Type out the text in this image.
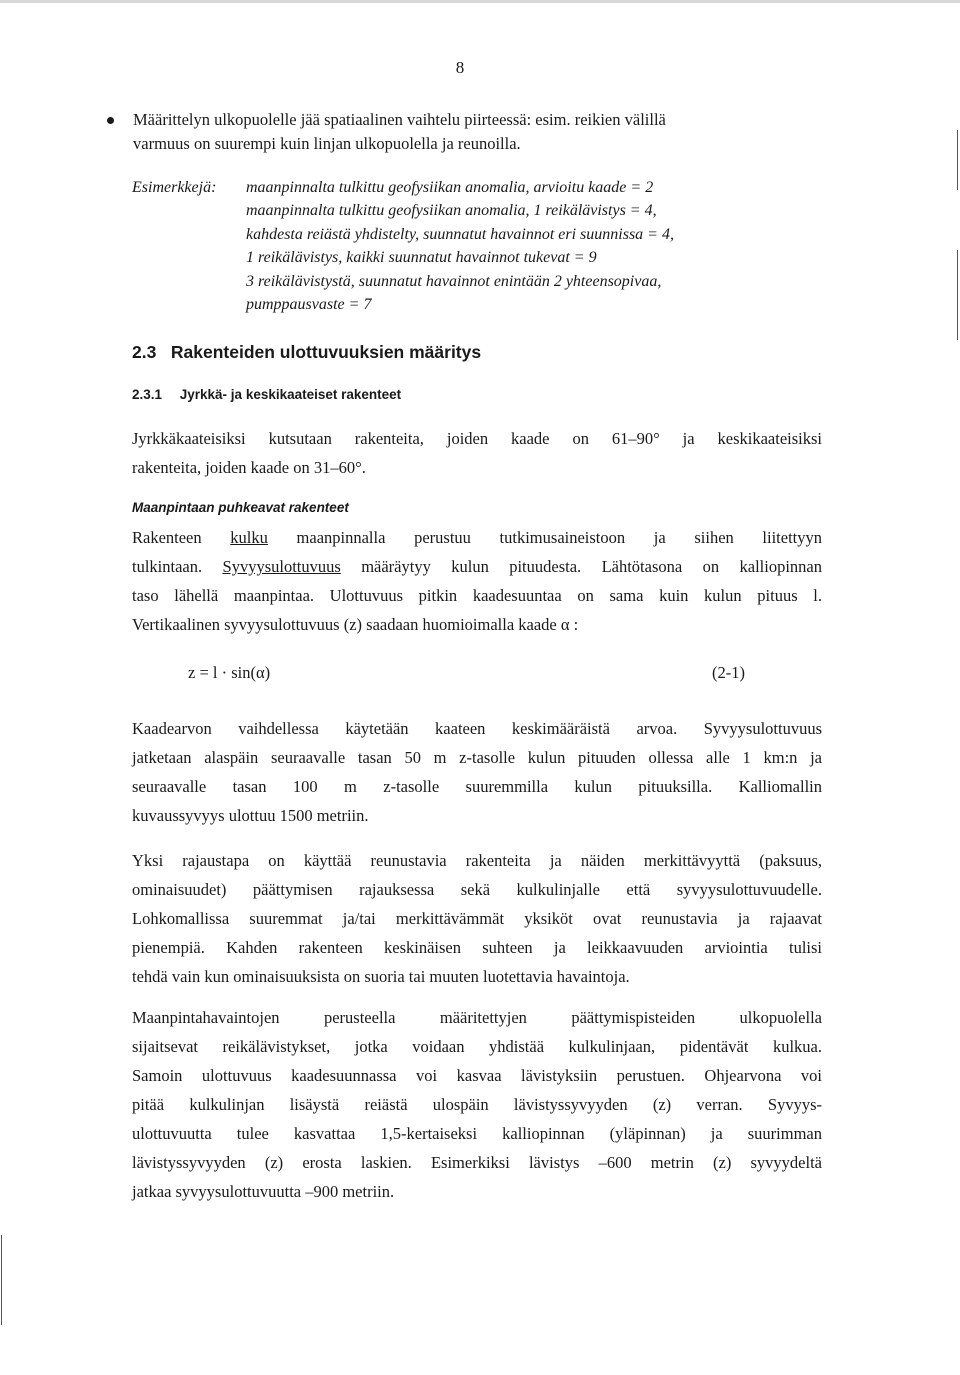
8
Määrittelyn ulkopuolelle jää spatiaalinen vaihtelu piirteessä: esim. reikien välillä
varmuus on suurempi kuin linjan ulkopuolella ja reunoilla.
Esimerkkejä: maanpinnalta tulkittu geofysiikan anomalia, arvioitu kaade = 2
maanpinnalta tulkittu geofysiikan anomalia, 1 reikälävistys = 4,
kahdesta reiästä yhdistelty, suunnatut havainnot eri suunnissa = 4,
1 reikälävistys, kaikki suunnatut havainnot tukevat = 9
3 reikälävistystä, suunnatut havainnot enintään 2 yhteensopivaa,
pumppausvaste = 7
2.3 Rakenteiden ulottuvuuksien määritys
2.3.1 Jyrkkä- ja keskikaateiset rakenteet
Jyrkkäkaateisiksi kutsutaan rakenteita, joiden kaade on 61–90° ja keskikaateisiksi
rakenteita, joiden kaade on 31–60°.
Maanpintaan puhkeavat rakenteet
Rakenteen kulku maanpinnalla perustuu tutkimusaineistoon ja siihen liitettyyn
tulkintaan. Syvyysulottuvuus määräytyy kulun pituudesta. Lähtötasona on kalliopinnan
taso lähellä maanpintaa. Ulottuvuus pitkin kaadesuuntaa on sama kuin kulun pituus l.
Vertikaalinen syvyysulottuvuus (z) saadaan huomioimalla kaade α :
z = l · sin(α)	(2-1)
Kaadearvon vaihdellessa käytetään kaateen keskimääräistä arvoa. Syvyysulottuvuus
jatketaan alaspäin seuraavalle tasan 50 m z-tasolle kulun pituuden ollessa alle 1 km:n ja
seuraavalle tasan 100 m z-tasolle suuremmilla kulun pituuksilla. Kalliomallin
kuvaussyvyys ulottuu 1500 metriin.
Yksi rajaustapa on käyttää reunustavia rakenteita ja näiden merkittävyyttä (paksuus,
ominaisuudet) päättymisen rajauksessa sekä kulkulinjalle että syvyysulottuvuudelle.
Lohkomallissa suuremmat ja/tai merkittävämmät yksiköt ovat reunustavia ja rajaavat
pienempiä. Kahden rakenteen keskinäisen suhteen ja leikkaavuuden arviointia tulisi
tehdä vain kun ominaisuuksista on suoria tai muuten luotettavia havaintoja.
Maanpintahavaintojen perusteella määritettyjen päättymispisteiden ulkopuolella
sijaitsevat reikälävistykset, jotka voidaan yhdistää kulkulinjaan, pidentävät kulkua.
Samoin ulottuvuus kaadesuunnassa voi kasvaa lävistyksiin perustuen. Ohjearvona voi
pitää kulkulinjan lisäystä reiästä ulospäin lävistyssyvyyden (z) verran. Syvyys-
ulottuvuutta tulee kasvattaa 1,5-kertaiseksi kalliopinnan (yläpinnan) ja suurimman
lävistyssyvyyden (z) erosta laskien. Esimerkiksi lävistys –600 metrin (z) syvyydeltä
jatkaa syvyysulottuvuutta –900 metriin.
